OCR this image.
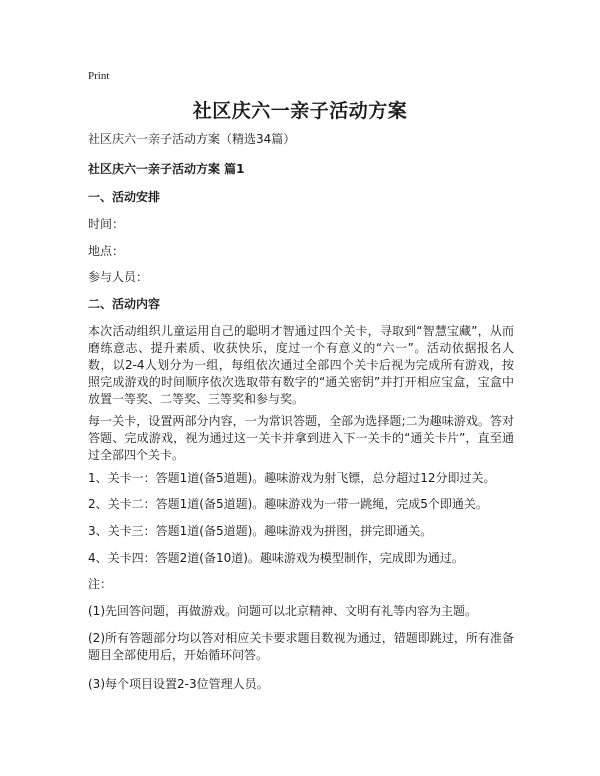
Print
社区庆六一亲子活动方案
社区庆六一亲子活动方案（精选34篇）
社区庆六一亲子活动方案 篇1
一、活动安排
时间：
地点：
参与人员：
二、活动内容
本次活动组织儿童运用自己的聪明才智通过四个关卡，寻取到“智慧宝藏”，从而磨练意志、提升素质、收获快乐，度过一个有意义的“六一”。活动依据报名人数，以2-4人划分为一组，每组依次通过全部四个关卡后视为完成所有游戏，按照完成游戏的时间顺序依次选取带有数字的“通关密钥”并打开相应宝盒，宝盒中放置一等奖、二等奖、三等奖和参与奖。
每一关卡，设置两部分内容，一为常识答题，全部为选择题;二为趣味游戏。答对答题、完成游戏，视为通过这一关卡并拿到进入下一关卡的“通关卡片”，直至通过全部四个关卡。
1、关卡一：答题1道(备5道题)。趣味游戏为射飞镖，总分超过12分即过关。
2、关卡二：答题1道(备5道题)。趣味游戏为一带一跳绳，完成5个即通关。
3、关卡三：答题1道(备5道题)。趣味游戏为拼图，拼完即通关。
4、关卡四：答题2道(备10道)。趣味游戏为模型制作，完成即为通过。
注：
(1)先回答问题，再做游戏。问题可以北京精神、文明有礼等内容为主题。
(2)所有答题部分均以答对相应关卡要求题目数视为通过，错题即跳过，所有准备题目全部使用后，开始循环问答。
(3)每个项目设置2-3位管理人员。
